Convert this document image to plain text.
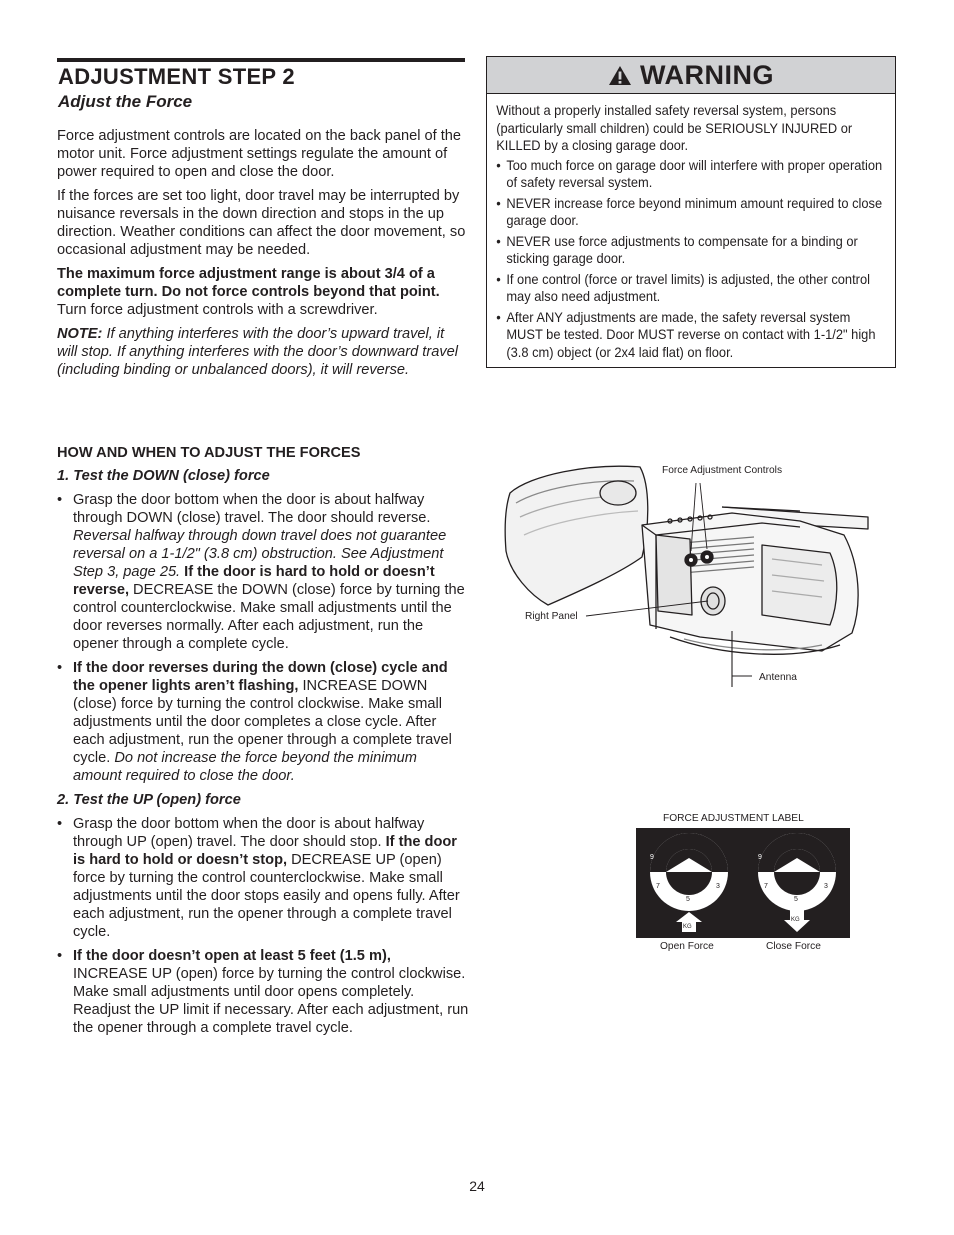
ADJUSTMENT STEP 2
Adjust the Force

Force adjustment controls are located on the back panel of the motor unit. Force adjustment settings regulate the amount of power required to open and close the door.

If the forces are set too light, door travel may be interrupted by nuisance reversals in the down direction and stops in the up direction. Weather conditions can affect the door movement, so occasional adjustment may be needed.

The maximum force adjustment range is about 3/4 of a complete turn. Do not force controls beyond that point. Turn force adjustment controls with a screwdriver.

NOTE: If anything interferes with the door’s upward travel, it will stop. If anything interferes with the door’s downward travel (including binding or unbalanced doors), it will reverse.

WARNING

Without a properly installed safety reversal system, persons (particularly small children) could be SERIOUSLY INJURED or KILLED by a closing garage door.

• Too much force on garage door will interfere with proper operation of safety reversal system.
• NEVER increase force beyond minimum amount required to close garage door.
• NEVER use force adjustments to compensate for a binding or sticking garage door.
• If one control (force or travel limits) is adjusted, the other control may also need adjustment.
• After ANY adjustments are made, the safety reversal system MUST be tested. Door MUST reverse on contact with 1-1/2" high (3.8 cm) object (or 2x4 laid flat) on floor.

HOW AND WHEN TO ADJUST THE FORCES

1. Test the DOWN (close) force

• Grasp the door bottom when the door is about halfway through DOWN (close) travel. The door should reverse. Reversal halfway through down travel does not guarantee reversal on a 1-1/2" (3.8 cm) obstruction. See Adjustment Step 3, page 25. If the door is hard to hold or doesn’t reverse, DECREASE the DOWN (close) force by turning the control counterclockwise. Make small adjustments until the door reverses normally. After each adjustment, run the opener through a complete cycle.
• If the door reverses during the down (close) cycle and the opener lights aren’t flashing, INCREASE DOWN (close) force by turning the control clockwise. Make small adjustments until the door completes a close cycle. After each adjustment, run the opener through a complete travel cycle. Do not increase the force beyond the minimum amount required to close the door.

2. Test the UP (open) force

• Grasp the door bottom when the door is about halfway through UP (open) travel. The door should stop. If the door is hard to hold or doesn’t stop, DECREASE UP (open) force by turning the control counterclockwise. Make small adjustments until the door stops easily and opens fully. After each adjustment, run the opener through a complete travel cycle.
• If the door doesn’t open at least 5 feet (1.5 m), INCREASE UP (open) force by turning the control clockwise. Make small adjustments until door opens completely. Readjust the UP limit if necessary. After each adjustment, run the opener through a complete travel cycle.
Force Adjustment Controls
Right Panel
Antenna
FORCE ADJUSTMENT LABEL
9	1
7	3
5
KG
9	1
7	3
5
KG
Open Force	Close Force
24
